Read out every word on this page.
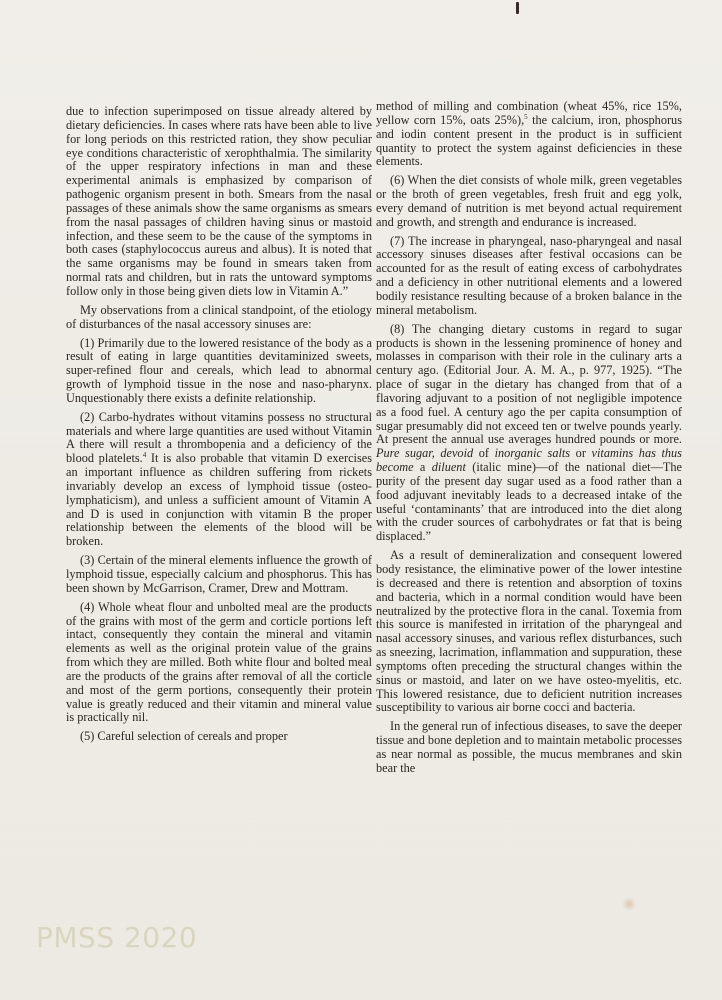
due to infection superimposed on tissue already altered by dietary deficiencies. In cases where rats have been able to live for long periods on this restricted ration, they show peculiar eye conditions characteristic of xerophthalmia. The similarity of the upper respiratory infections in man and these experimental animals is emphasized by comparison of pathogenic organism present in both. Smears from the nasal passages of these animals show the same organisms as smears from the nasal passages of children having sinus or mastoid infection, and these seem to be the cause of the symptoms in both cases (staphylococcus aureus and albus). It is noted that the same organisms may be found in smears taken from normal rats and children, but in rats the untoward symptoms follow only in those being given diets low in Vitamin A.”

My observations from a clinical standpoint, of the etiology of disturbances of the nasal accessory sinuses are:

(1) Primarily due to the lowered resistance of the body as a result of eating in large quantities devitaminized sweets, super-refined flour and cereals, which lead to abnormal growth of lymphoid tissue in the nose and naso-pharynx. Unquestionably there exists a definite relationship.

(2) Carbo-hydrates without vitamins possess no structural materials and where large quantities are used without Vitamin A there will result a thrombopenia and a deficiency of the blood platelets.$^4$ It is also probable that vitamin D exercises an important influence as children suffering from rickets invariably develop an excess of lymphoid tissue (osteo-lymphaticism), and unless a sufficient amount of Vitamin A and D is used in conjunction with vitamin B the proper relationship between the elements of the blood will be broken.

(3) Certain of the mineral elements influence the growth of lymphoid tissue, especially calcium and phosphorus. This has been shown by McGarrison, Cramer, Drew and Mottram.

(4) Whole wheat flour and unbolted meal are the products of the grains with most of the germ and corticle portions left intact, consequently they contain the mineral and vitamin elements as well as the original protein value of the grains from which they are milled. Both white flour and bolted meal are the products of the grains after removal of all the corticle and most of the germ portions, consequently their protein value is greatly reduced and their vitamin and mineral value is practically nil.

(5) Careful selection of cereals and proper

method of milling and combination (wheat 45%, rice 15%, yellow corn 15%, oats 25%),$^5$ the calcium, iron, phosphorus and iodin content present in the product is in sufficient quantity to protect the system against deficiencies in these elements.

(6) When the diet consists of whole milk, green vegetables or the broth of green vegetables, fresh fruit and egg yolk, every demand of nutrition is met beyond actual requirement and growth, and strength and endurance is increased.

(7) The increase in pharyngeal, naso-pharyngeal and nasal accessory sinuses diseases after festival occasions can be accounted for as the result of eating excess of carbohydrates and a deficiency in other nutritional elements and a lowered bodily resistance resulting because of a broken balance in the mineral metabolism.

(8) The changing dietary customs in regard to sugar products is shown in the lessening prominence of honey and molasses in comparison with their role in the culinary arts a century ago. (Editorial Jour. A. M. A., p. 977, 1925). “The place of sugar in the dietary has changed from that of a flavoring adjuvant to a position of not negligible impotence as a food fuel. A century ago the per capita consumption of sugar presumably did not exceed ten or twelve pounds yearly. At present the annual use averages hundred pounds or more. Pure sugar, devoid of inorganic salts or vitamins has thus become a diluent (italic mine)—of the national diet—The purity of the present day sugar used as a food rather than a food adjuvant inevitably leads to a decreased intake of the useful ‘contaminants’ that are introduced into the diet along with the cruder sources of carbohydrates or fat that is being displaced.”

As a result of demineralization and consequent lowered body resistance, the eliminative power of the lower intestine is decreased and there is retention and absorption of toxins and bacteria, which in a normal condition would have been neutralized by the protective flora in the canal. Toxemia from this source is manifested in irritation of the pharyngeal and nasal accessory sinuses, and various reflex disturbances, such as sneezing, lacrimation, inflammation and suppuration, these symptoms often preceding the structural changes within the sinus or mastoid, and later on we have osteo-myelitis, etc. This lowered resistance, due to deficient nutrition increases susceptibility to various air borne cocci and bacteria.

In the general run of infectious diseases, to save the deeper tissue and bone depletion and to maintain metabolic processes as near normal as possible, the mucus membranes and skin bear the

PMSS 2020
